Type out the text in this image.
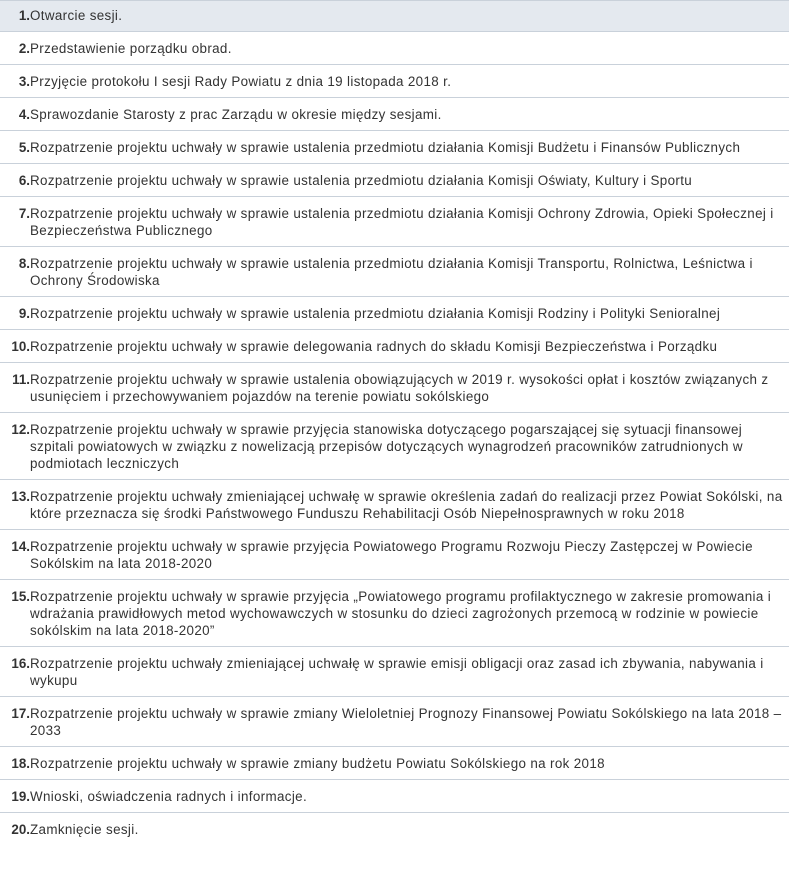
1. Otwarcie sesji.
2. Przedstawienie porządku obrad.
3. Przyjęcie protokołu I sesji Rady Powiatu z dnia 19 listopada 2018 r.
4. Sprawozdanie Starosty z prac Zarządu w okresie między sesjami.
5. Rozpatrzenie projektu uchwały w sprawie ustalenia przedmiotu działania Komisji Budżetu i Finansów Publicznych
6. Rozpatrzenie projektu uchwały w sprawie ustalenia przedmiotu działania Komisji Oświaty, Kultury i Sportu
7. Rozpatrzenie projektu uchwały w sprawie ustalenia przedmiotu działania Komisji Ochrony Zdrowia, Opieki Społecznej i Bezpieczeństwa Publicznego
8. Rozpatrzenie projektu uchwały w sprawie ustalenia przedmiotu działania Komisji Transportu, Rolnictwa, Leśnictwa i Ochrony Środowiska
9. Rozpatrzenie projektu uchwały w sprawie ustalenia przedmiotu działania Komisji Rodziny i Polityki Senioralnej
10. Rozpatrzenie projektu uchwały w sprawie delegowania radnych do składu Komisji Bezpieczeństwa i Porządku
11. Rozpatrzenie projektu uchwały w sprawie ustalenia obowiązujących w 2019 r. wysokości opłat i kosztów związanych z usunięciem i przechowywaniem pojazdów na terenie powiatu sokólskiego
12. Rozpatrzenie projektu uchwały w sprawie przyjęcia stanowiska dotyczącego pogarszającej się sytuacji finansowej szpitali powiatowych w związku z nowelizacją przepisów dotyczących wynagrodzeń pracowników zatrudnionych w podmiotach leczniczych
13. Rozpatrzenie projektu uchwały zmieniającej uchwałę w sprawie określenia zadań do realizacji przez Powiat Sokólski, na które przeznacza się środki Państwowego Funduszu Rehabilitacji Osób Niepełnosprawnych w roku 2018
14. Rozpatrzenie projektu uchwały w sprawie przyjęcia Powiatowego Programu Rozwoju Pieczy Zastępczej w Powiecie Sokólskim na lata 2018-2020
15. Rozpatrzenie projektu uchwały w sprawie przyjęcia „Powiatowego programu profilaktycznego w zakresie promowania i wdrażania prawidłowych metod wychowawczych w stosunku do dzieci zagrożonych przemocą w rodzinie w powiecie sokólskim na lata 2018-2020”
16. Rozpatrzenie projektu uchwały zmieniającej uchwałę w sprawie emisji obligacji oraz zasad ich zbywania, nabywania i wykupu
17. Rozpatrzenie projektu uchwały w sprawie zmiany Wieloletniej Prognozy Finansowej Powiatu Sokólskiego na lata 2018 – 2033
18. Rozpatrzenie projektu uchwały w sprawie zmiany budżetu Powiatu Sokólskiego na rok 2018
19. Wnioski, oświadczenia radnych i informacje.
20. Zamknięcie sesji.
